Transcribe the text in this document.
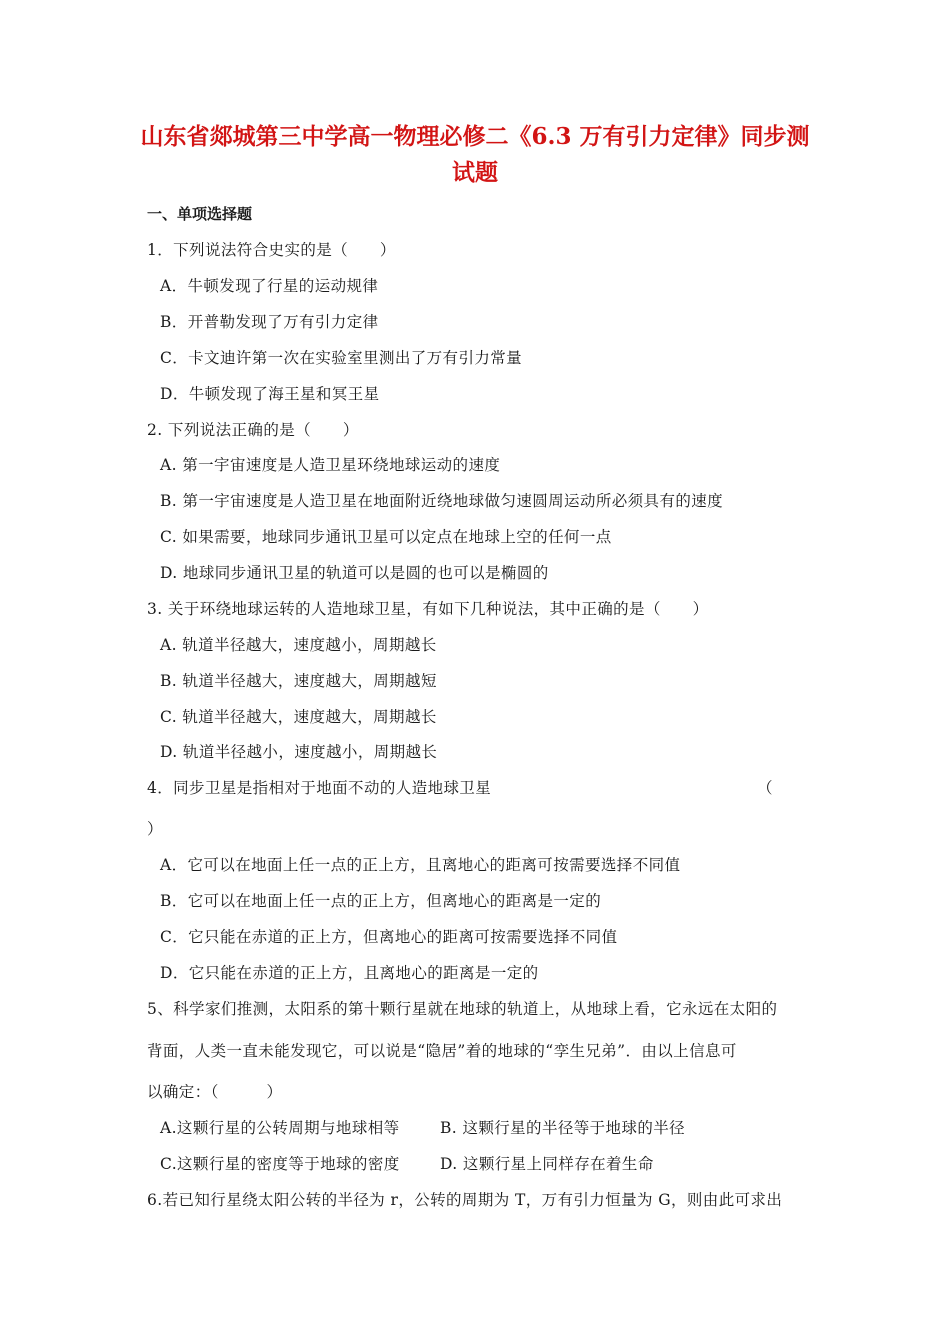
山东省郯城第三中学高一物理必修二《6.3 万有引力定律》同步测
试题
一、单项选择题
1．下列说法符合史实的是（　　）
A．牛顿发现了行星的运动规律
B．开普勒发现了万有引力定律
C．卡文迪许第一次在实验室里测出了万有引力常量
D．牛顿发现了海王星和冥王星
2. 下列说法正确的是（　　）
A. 第一宇宙速度是人造卫星环绕地球运动的速度
B. 第一宇宙速度是人造卫星在地面附近绕地球做匀速圆周运动所必须具有的速度
C. 如果需要，地球同步通讯卫星可以定点在地球上空的任何一点
D. 地球同步通讯卫星的轨道可以是圆的也可以是椭圆的
3. 关于环绕地球运转的人造地球卫星，有如下几种说法，其中正确的是（　　）
A. 轨道半径越大，速度越小，周期越长
B. 轨道半径越大，速度越大，周期越短
C. 轨道半径越大，速度越大，周期越长
D. 轨道半径越小，速度越小，周期越长
4．同步卫星是指相对于地面不动的人造地球卫星	（
）
A．它可以在地面上任一点的正上方，且离地心的距离可按需要选择不同值
B．它可以在地面上任一点的正上方，但离地心的距离是一定的
C．它只能在赤道的正上方，但离地心的距离可按需要选择不同值
D．它只能在赤道的正上方，且离地心的距离是一定的
5、科学家们推测，太阳系的第十颗行星就在地球的轨道上，从地球上看，它永远在太阳的
背面，人类一直未能发现它，可以说是“隐居”着的地球的“孪生兄弟”．由以上信息可
以确定：（　　　）
A.这颗行星的公转周期与地球相等	B. 这颗行星的半径等于地球的半径
C.这颗行星的密度等于地球的密度	D. 这颗行星上同样存在着生命
6.若已知行星绕太阳公转的半径为 r，公转的周期为 T，万有引力恒量为 G，则由此可求出
